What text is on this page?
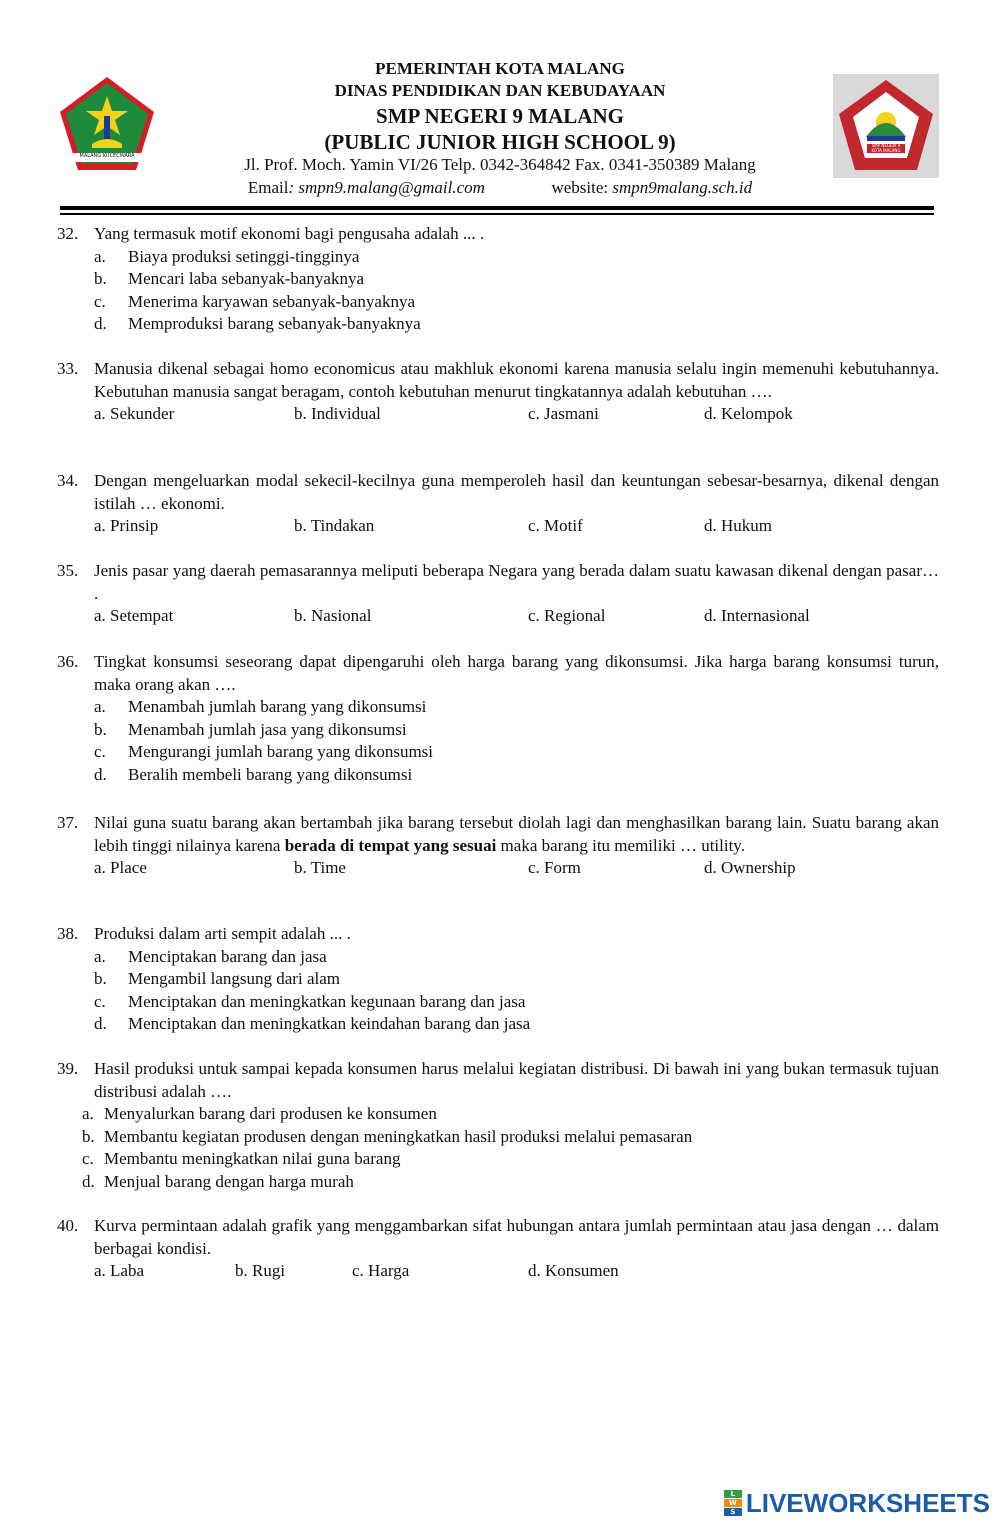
MALANG KUCECWARA
SMP NEGERI 9 KOTA MALANG
PEMERINTAH KOTA MALANG
DINAS PENDIDIKAN DAN KEBUDAYAAN
SMP NEGERI 9 MALANG
(PUBLIC JUNIOR HIGH SCHOOL 9)
Jl. Prof. Moch. Yamin VI/26 Telp. 0342-364842 Fax. 0341-350389 Malang
Email: smpn9.malang@gmail.com	website: smpn9malang.sch.id
32. Yang termasuk motif ekonomi bagi pengusaha adalah ... .
a. Biaya produksi setinggi-tingginya
b. Mencari laba sebanyak-banyaknya
c. Menerima karyawan sebanyak-banyaknya
d. Memproduksi barang sebanyak-banyaknya
33. Manusia dikenal sebagai homo economicus atau makhluk ekonomi karena manusia selalu ingin memenuhi kebutuhannya. Kebutuhan manusia sangat beragam, contoh kebutuhan menurut tingkatannya adalah kebutuhan ….
a. Sekunder	b. Individual	c. Jasmani	d. Kelompok
34. Dengan mengeluarkan modal sekecil-kecilnya guna memperoleh hasil dan keuntungan sebesar-besarnya, dikenal dengan istilah … ekonomi.
a. Prinsip	b. Tindakan	c. Motif	d. Hukum
35. Jenis pasar yang daerah pemasarannya meliputi beberapa Negara yang berada dalam suatu kawasan dikenal dengan pasar… .
a. Setempat	b. Nasional	c. Regional	d. Internasional
36. Tingkat konsumsi seseorang dapat dipengaruhi oleh harga barang yang dikonsumsi. Jika harga barang konsumsi turun, maka orang akan ….
a. Menambah jumlah barang yang dikonsumsi
b. Menambah jumlah jasa yang dikonsumsi
c. Mengurangi jumlah barang yang dikonsumsi
d. Beralih membeli barang yang dikonsumsi
37. Nilai guna suatu barang akan bertambah jika barang tersebut diolah lagi dan menghasilkan barang lain. Suatu barang akan lebih tinggi nilainya karena berada di tempat yang sesuai maka barang itu memiliki … utility.
a. Place	b. Time	c. Form	d. Ownership
38. Produksi dalam arti sempit adalah ... .
a. Menciptakan barang dan jasa
b. Mengambil langsung dari alam
c. Menciptakan dan meningkatkan kegunaan barang dan jasa
d. Menciptakan dan meningkatkan keindahan barang dan jasa
39. Hasil produksi untuk sampai kepada konsumen harus melalui kegiatan distribusi. Di bawah ini yang bukan termasuk tujuan distribusi adalah ….
a. Menyalurkan barang dari produsen ke konsumen
b. Membantu kegiatan produsen dengan meningkatkan hasil produksi melalui pemasaran
c. Membantu meningkatkan nilai guna barang
d. Menjual barang dengan harga murah
40. Kurva permintaan adalah grafik yang menggambarkan sifat hubungan antara jumlah permintaan atau jasa dengan … dalam berbagai kondisi.
a. Laba	b. Rugi	c. Harga	d. Konsumen
L
W
S LIVEWORKSHEETS
